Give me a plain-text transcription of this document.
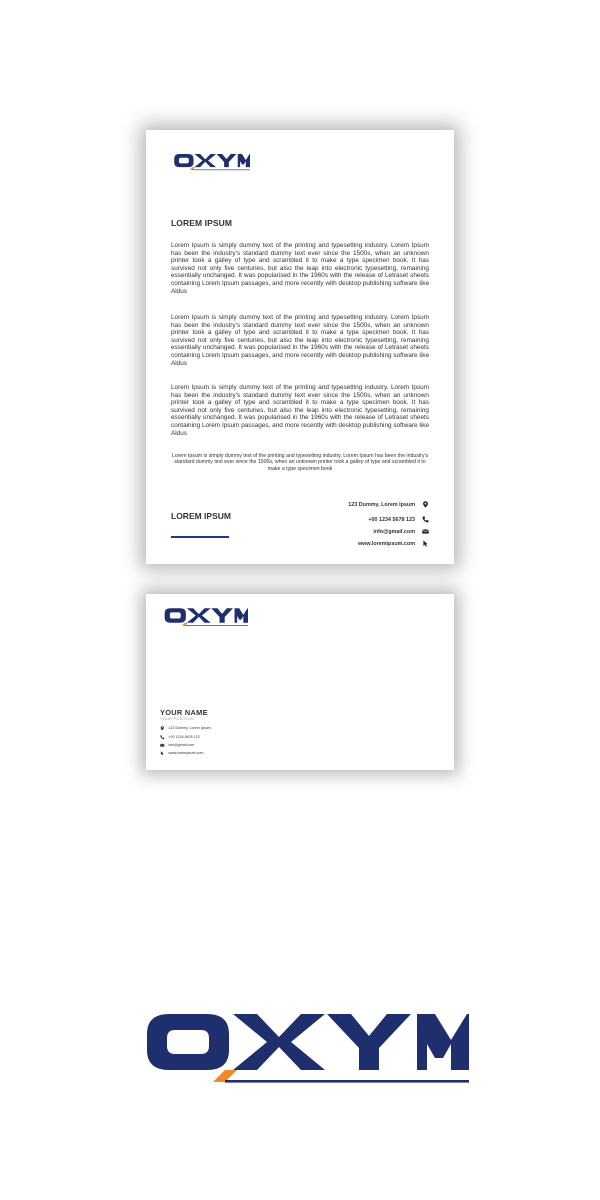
LOREM IPSUM

Lorem Ipsum is simply dummy text of the printing and typesetting industry. Lorem Ipsum has been the industry's standard dummy text ever since the 1500s, when an unknown printer took a galley of type and scrambled it to make a type specimen book. It has survived not only five centuries, but also the leap into electronic typesetting, remaining essentially unchanged. It was popularised in the 1960s with the release of Letraset sheets containing Lorem Ipsum passages, and more recently with desktop publishing software like Aldus

Lorem Ipsum is simply dummy text of the printing and typesetting industry. Lorem Ipsum has been the industry's standard dummy text ever since the 1500s, when an unknown printer took a galley of type and scrambled it to make a type specimen book. It has survived not only five centuries, but also the leap into electronic typesetting, remaining essentially unchanged. It was popularised in the 1960s with the release of Letraset sheets containing Lorem Ipsum passages, and more recently with desktop publishing software like Aldus

Lorem Ipsum is simply dummy text of the printing and typesetting industry. Lorem Ipsum has been the industry's standard dummy text ever since the 1500s, when an unknown printer took a galley of type and scrambled it to make a type specimen book. It has survived not only five centuries, but also the leap into electronic typesetting, remaining essentially unchanged. It was popularised in the 1960s with the release of Letraset sheets containing Lorem Ipsum passages, and more recently with desktop publishing software like Aldus

Lorem Ipsum is simply dummy text of the printing and typesetting industry. Lorem Ipsum has been the industry's standard dummy text ever since the 1500s, when an unknown printer took a galley of type and scrambled it to make a type specimen book

LOREM IPSUM
123 Dummy, Lorem Ipsum
+00 1234 5678 123
info@gmail.com
www.loremipsum.com
YOUR NAME
YOUR POSITION
123 Dummy, Lorem Ipsum
+00 1234 5678 123
info@gmail.com
www.loremipsum.com
